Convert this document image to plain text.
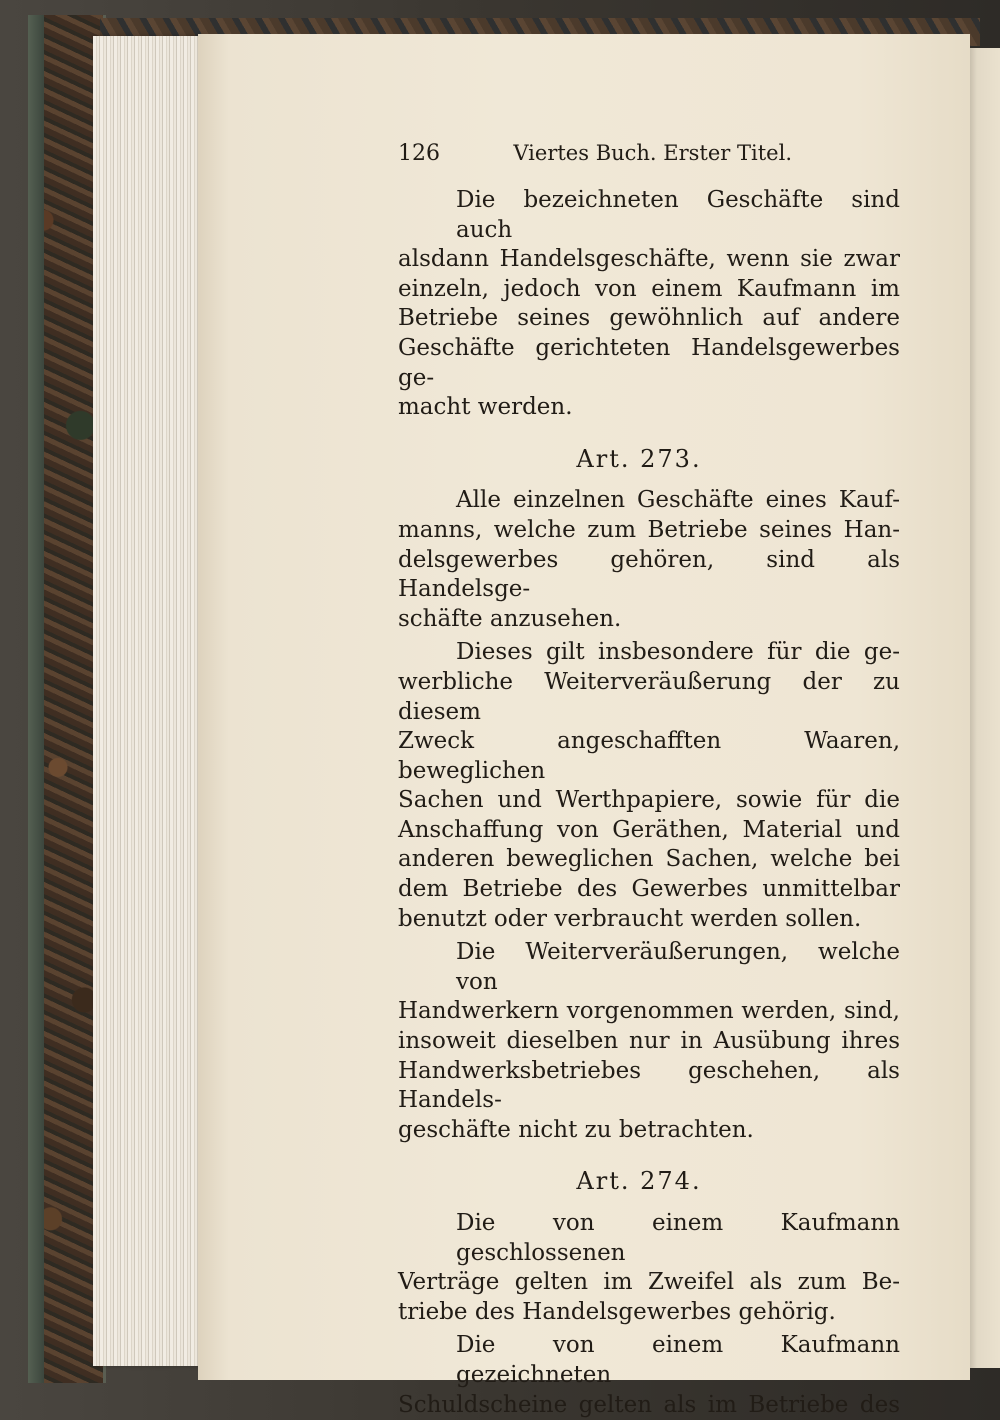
126	Viertes Buch. Erster Titel.
Die bezeichneten Geschäfte sind auch
alsdann Handelsgeschäfte, wenn sie zwar
einzeln, jedoch von einem Kaufmann im
Betriebe seines gewöhnlich auf andere
Geschäfte gerichteten Handelsgewerbes ge-
macht werden.
Art. 273.
Alle einzelnen Geschäfte eines Kauf-
manns, welche zum Betriebe seines Han-
delsgewerbes gehören, sind als Handelsge-
schäfte anzusehen.
Dieses gilt insbesondere für die ge-
werbliche Weiterveräußerung der zu diesem
Zweck angeschafften Waaren, beweglichen
Sachen und Werthpapiere, sowie für die
Anschaffung von Geräthen, Material und
anderen beweglichen Sachen, welche bei
dem Betriebe des Gewerbes unmittelbar
benutzt oder verbraucht werden sollen.
Die Weiterveräußerungen, welche von
Handwerkern vorgenommen werden, sind,
insoweit dieselben nur in Ausübung ihres
Handwerksbetriebes geschehen, als Handels-
geschäfte nicht zu betrachten.
Art. 274.
Die von einem Kaufmann geschlossenen
Verträge gelten im Zweifel als zum Be-
triebe des Handelsgewerbes gehörig.
Die von einem Kaufmann gezeichneten
Schuldscheine gelten als im Betriebe des
